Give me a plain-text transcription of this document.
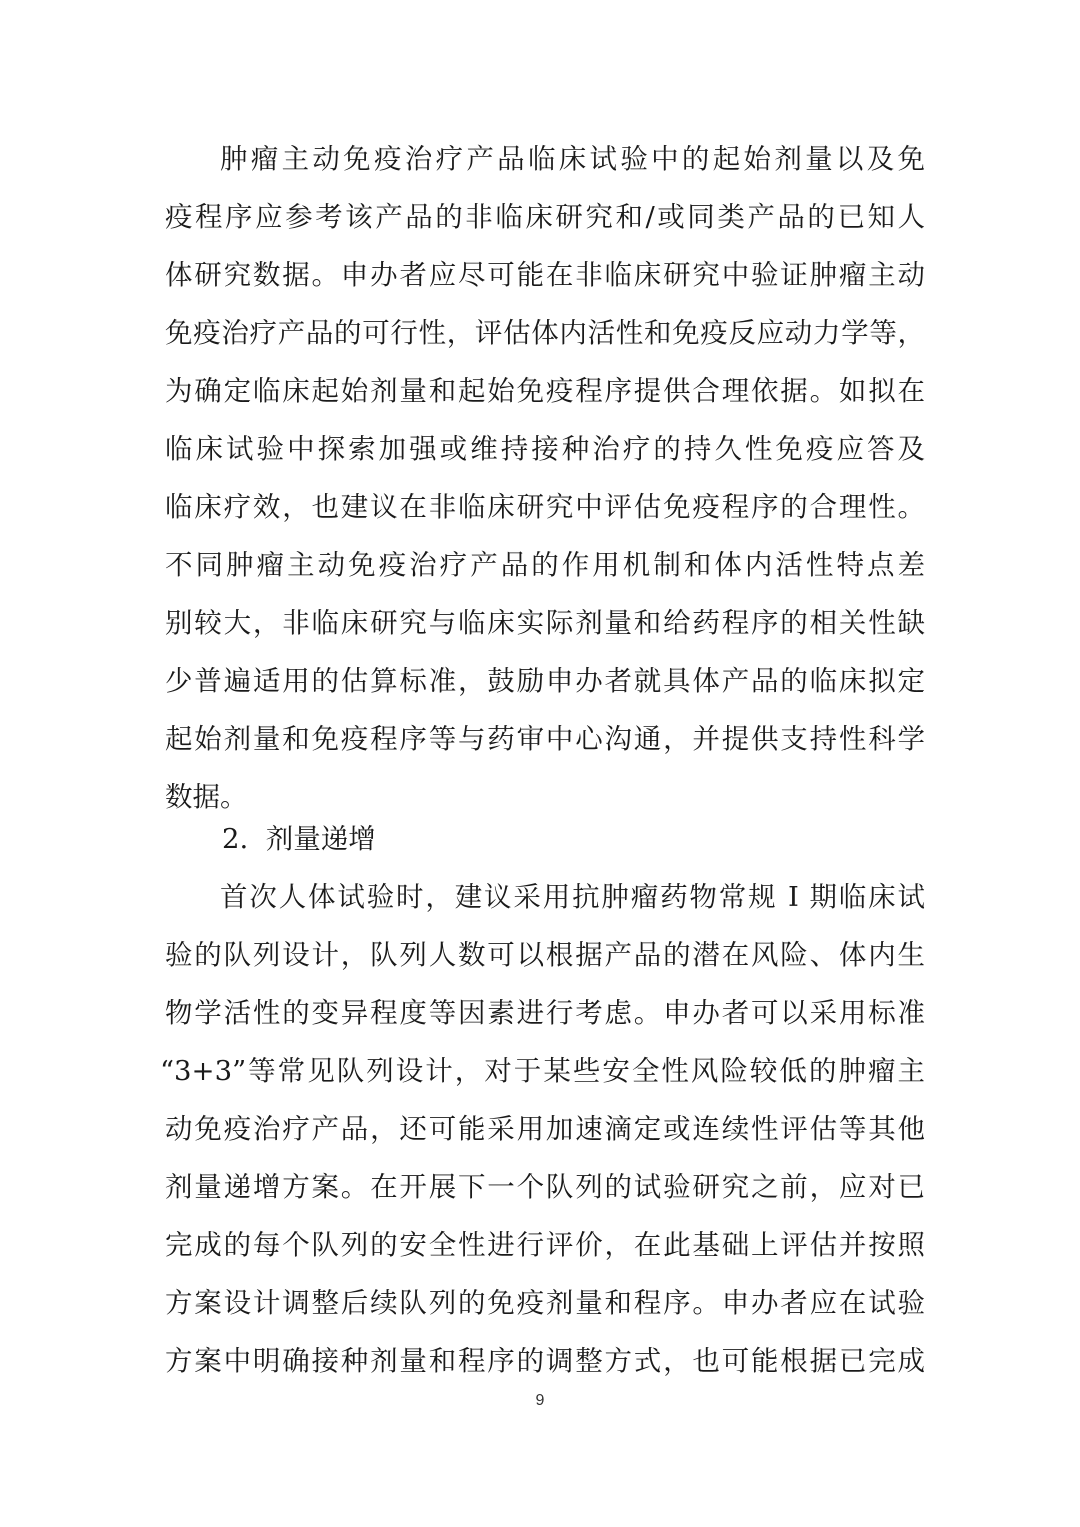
肿瘤主动免疫治疗产品临床试验中的起始剂量以及免
疫程序应参考该产品的非临床研究和/或同类产品的已知人
体研究数据。申办者应尽可能在非临床研究中验证肿瘤主动
免疫治疗产品的可行性，评估体内活性和免疫反应动力学等，
为确定临床起始剂量和起始免疫程序提供合理依据。如拟在
临床试验中探索加强或维持接种治疗的持久性免疫应答及
临床疗效，也建议在非临床研究中评估免疫程序的合理性。
不同肿瘤主动免疫治疗产品的作用机制和体内活性特点差
别较大，非临床研究与临床实际剂量和给药程序的相关性缺
少普遍适用的估算标准，鼓励申办者就具体产品的临床拟定
起始剂量和免疫程序等与药审中心沟通，并提供支持性科学
数据。
2. 剂量递增
首次人体试验时，建议采用抗肿瘤药物常规 I 期临床试
验的队列设计，队列人数可以根据产品的潜在风险、体内生
物学活性的变异程度等因素进行考虑。申办者可以采用标准
“3+3”等常见队列设计，对于某些安全性风险较低的肿瘤主
动免疫治疗产品，还可能采用加速滴定或连续性评估等其他
剂量递增方案。在开展下一个队列的试验研究之前，应对已
完成的每个队列的安全性进行评价，在此基础上评估并按照
方案设计调整后续队列的免疫剂量和程序。申办者应在试验
方案中明确接种剂量和程序的调整方式，也可能根据已完成
9
